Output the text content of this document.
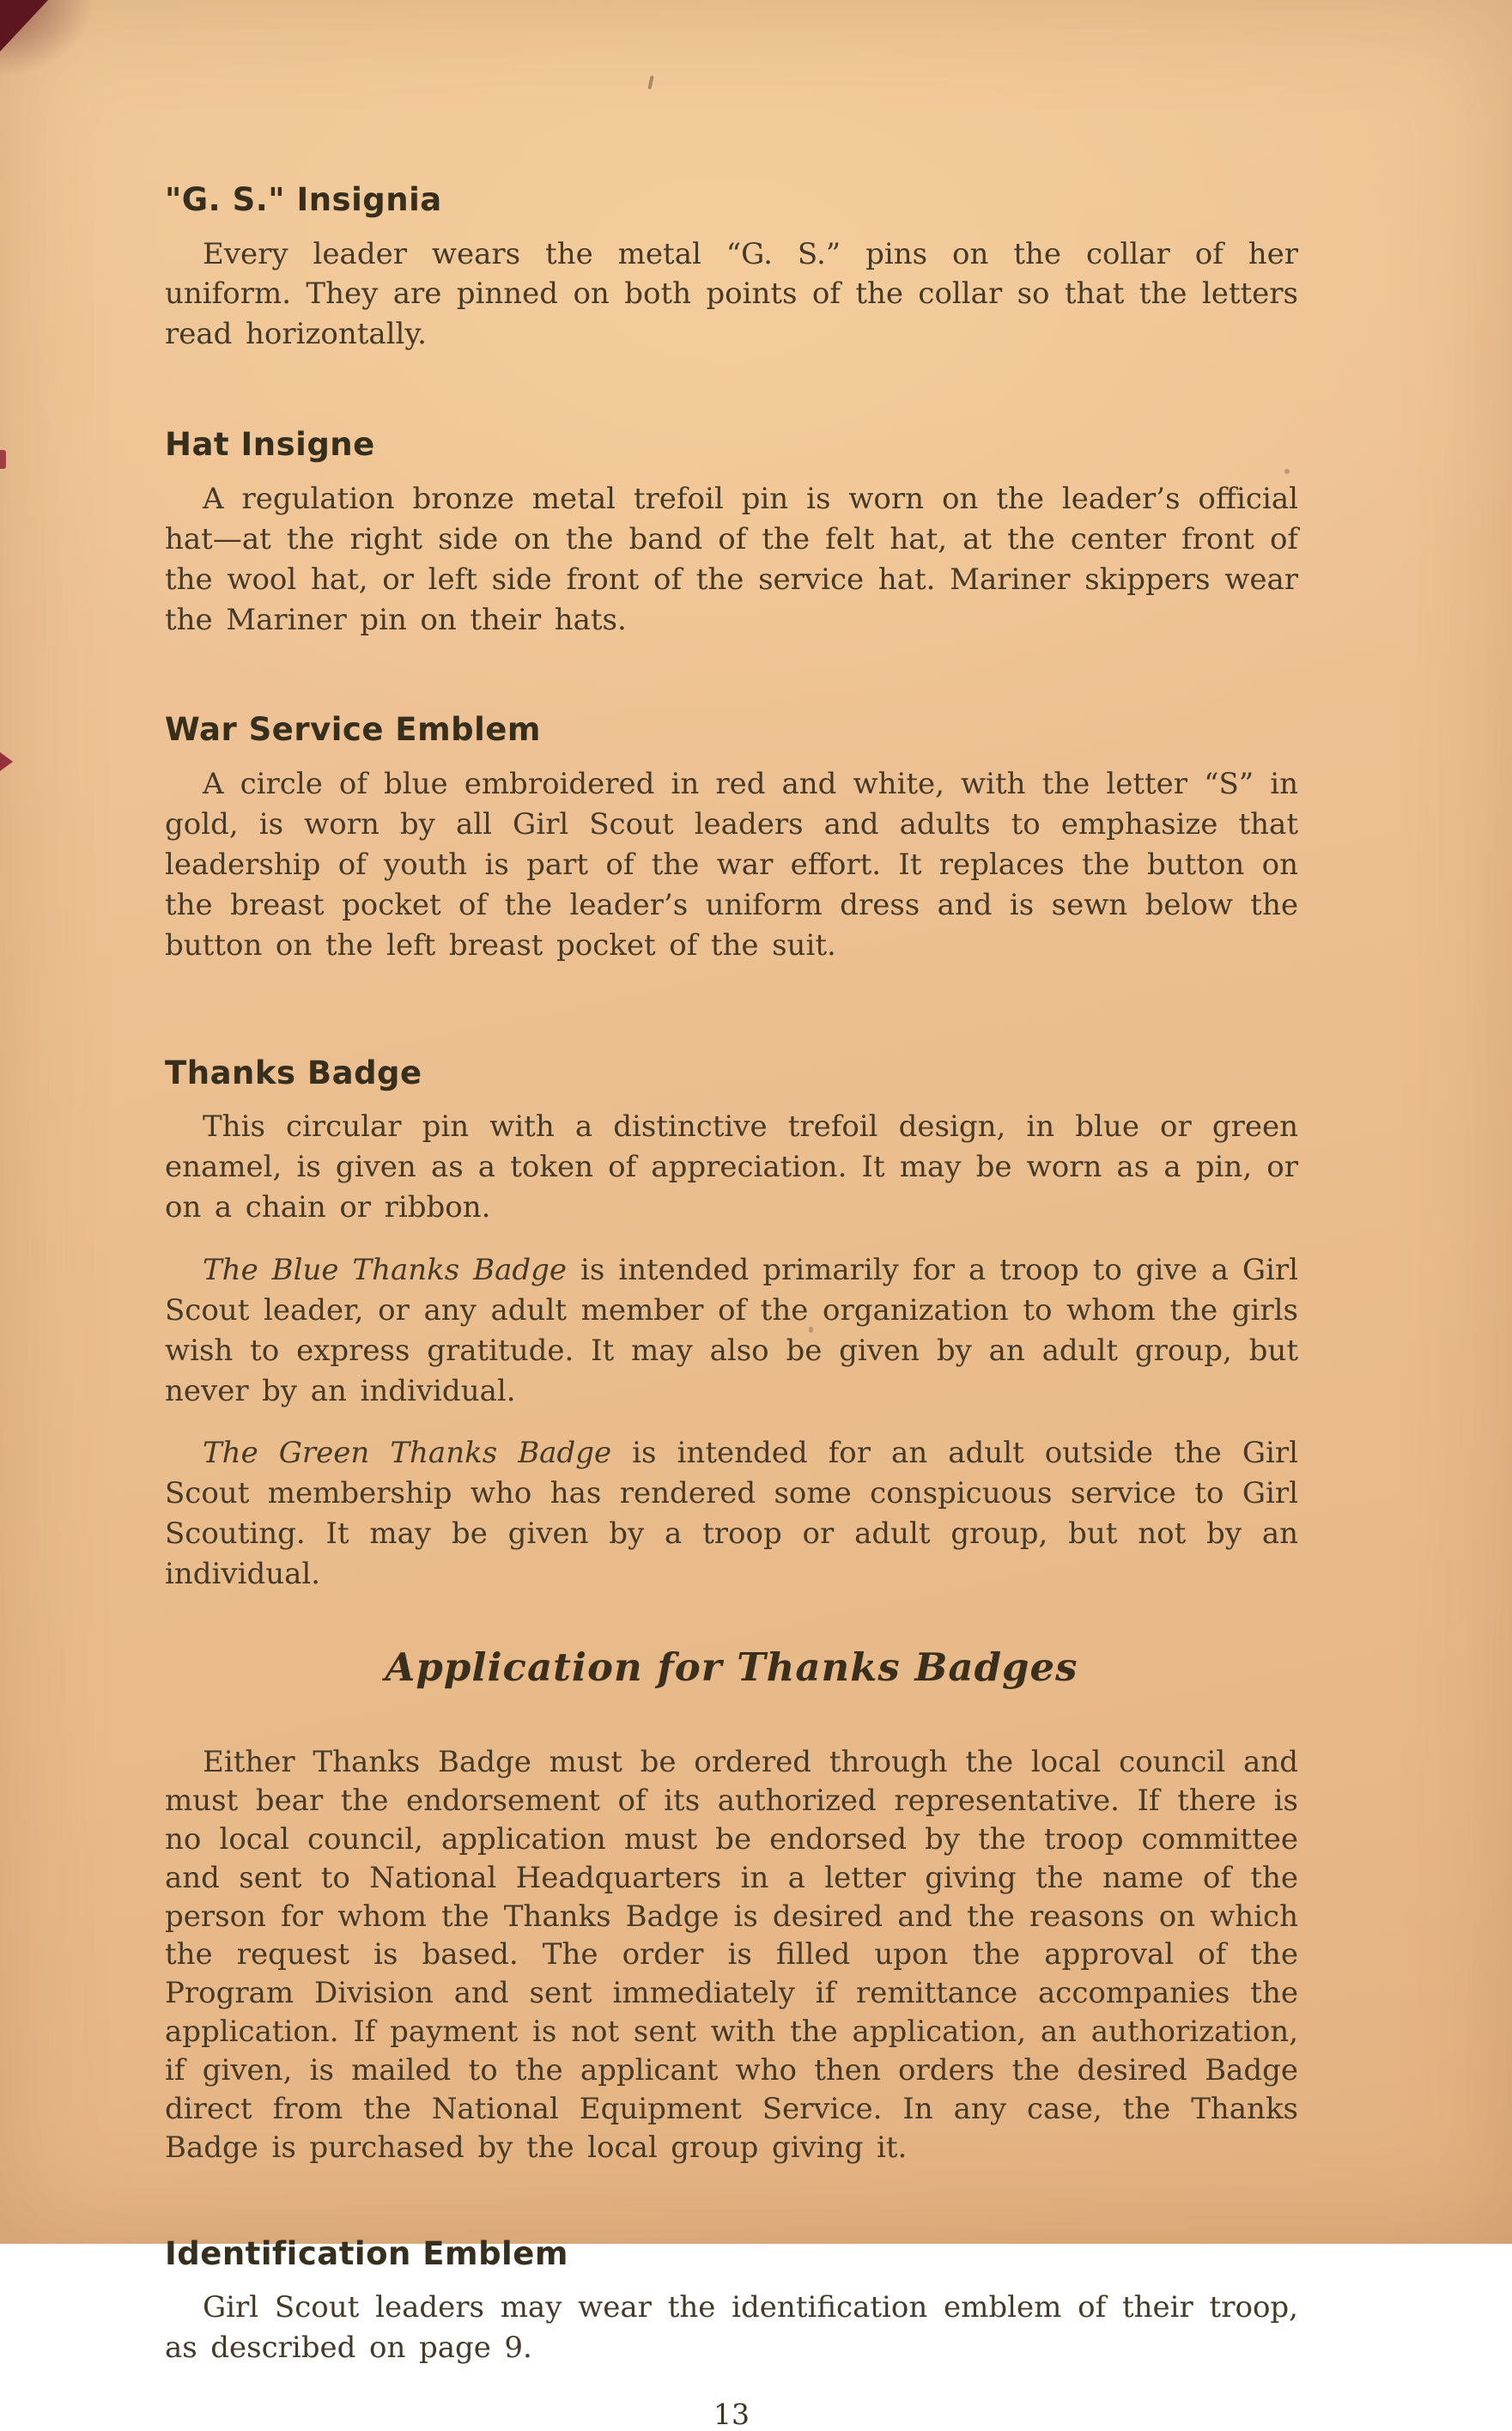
"G. S." Insignia

Every leader wears the metal “G. S.” pins on the collar of her uniform. They are pinned on both points of the collar so that the letters read horizontally.

Hat Insigne

A regulation bronze metal trefoil pin is worn on the leader’s official hat—at the right side on the band of the felt hat, at the center front of the wool hat, or left side front of the service hat. Mariner skippers wear the Mariner pin on their hats.

War Service Emblem

A circle of blue embroidered in red and white, with the letter “S” in gold, is worn by all Girl Scout leaders and adults to emphasize that leadership of youth is part of the war effort. It replaces the button on the breast pocket of the leader’s uniform dress and is sewn below the button on the left breast pocket of the suit.

Thanks Badge

This circular pin with a distinctive trefoil design, in blue or green enamel, is given as a token of appreciation. It may be worn as a pin, or on a chain or ribbon.

The Blue Thanks Badge is intended primarily for a troop to give a Girl Scout leader, or any adult member of the organization to whom the girls wish to express gratitude. It may also be given by an adult group, but never by an individual.

The Green Thanks Badge is intended for an adult outside the Girl Scout membership who has rendered some conspicuous service to Girl Scouting. It may be given by a troop or adult group, but not by an individual.

Application for Thanks Badges

Either Thanks Badge must be ordered through the local council and must bear the endorsement of its authorized representative. If there is no local council, application must be endorsed by the troop committee and sent to National Headquarters in a letter giving the name of the person for whom the Thanks Badge is desired and the reasons on which the request is based. The order is filled upon the approval of the Program Division and sent immediately if remittance accompanies the application. If payment is not sent with the application, an authorization, if given, is mailed to the applicant who then orders the desired Badge direct from the National Equipment Service. In any case, the Thanks Badge is purchased by the local group giving it.

Identification Emblem

Girl Scout leaders may wear the identification emblem of their troop, as described on page 9.

13
